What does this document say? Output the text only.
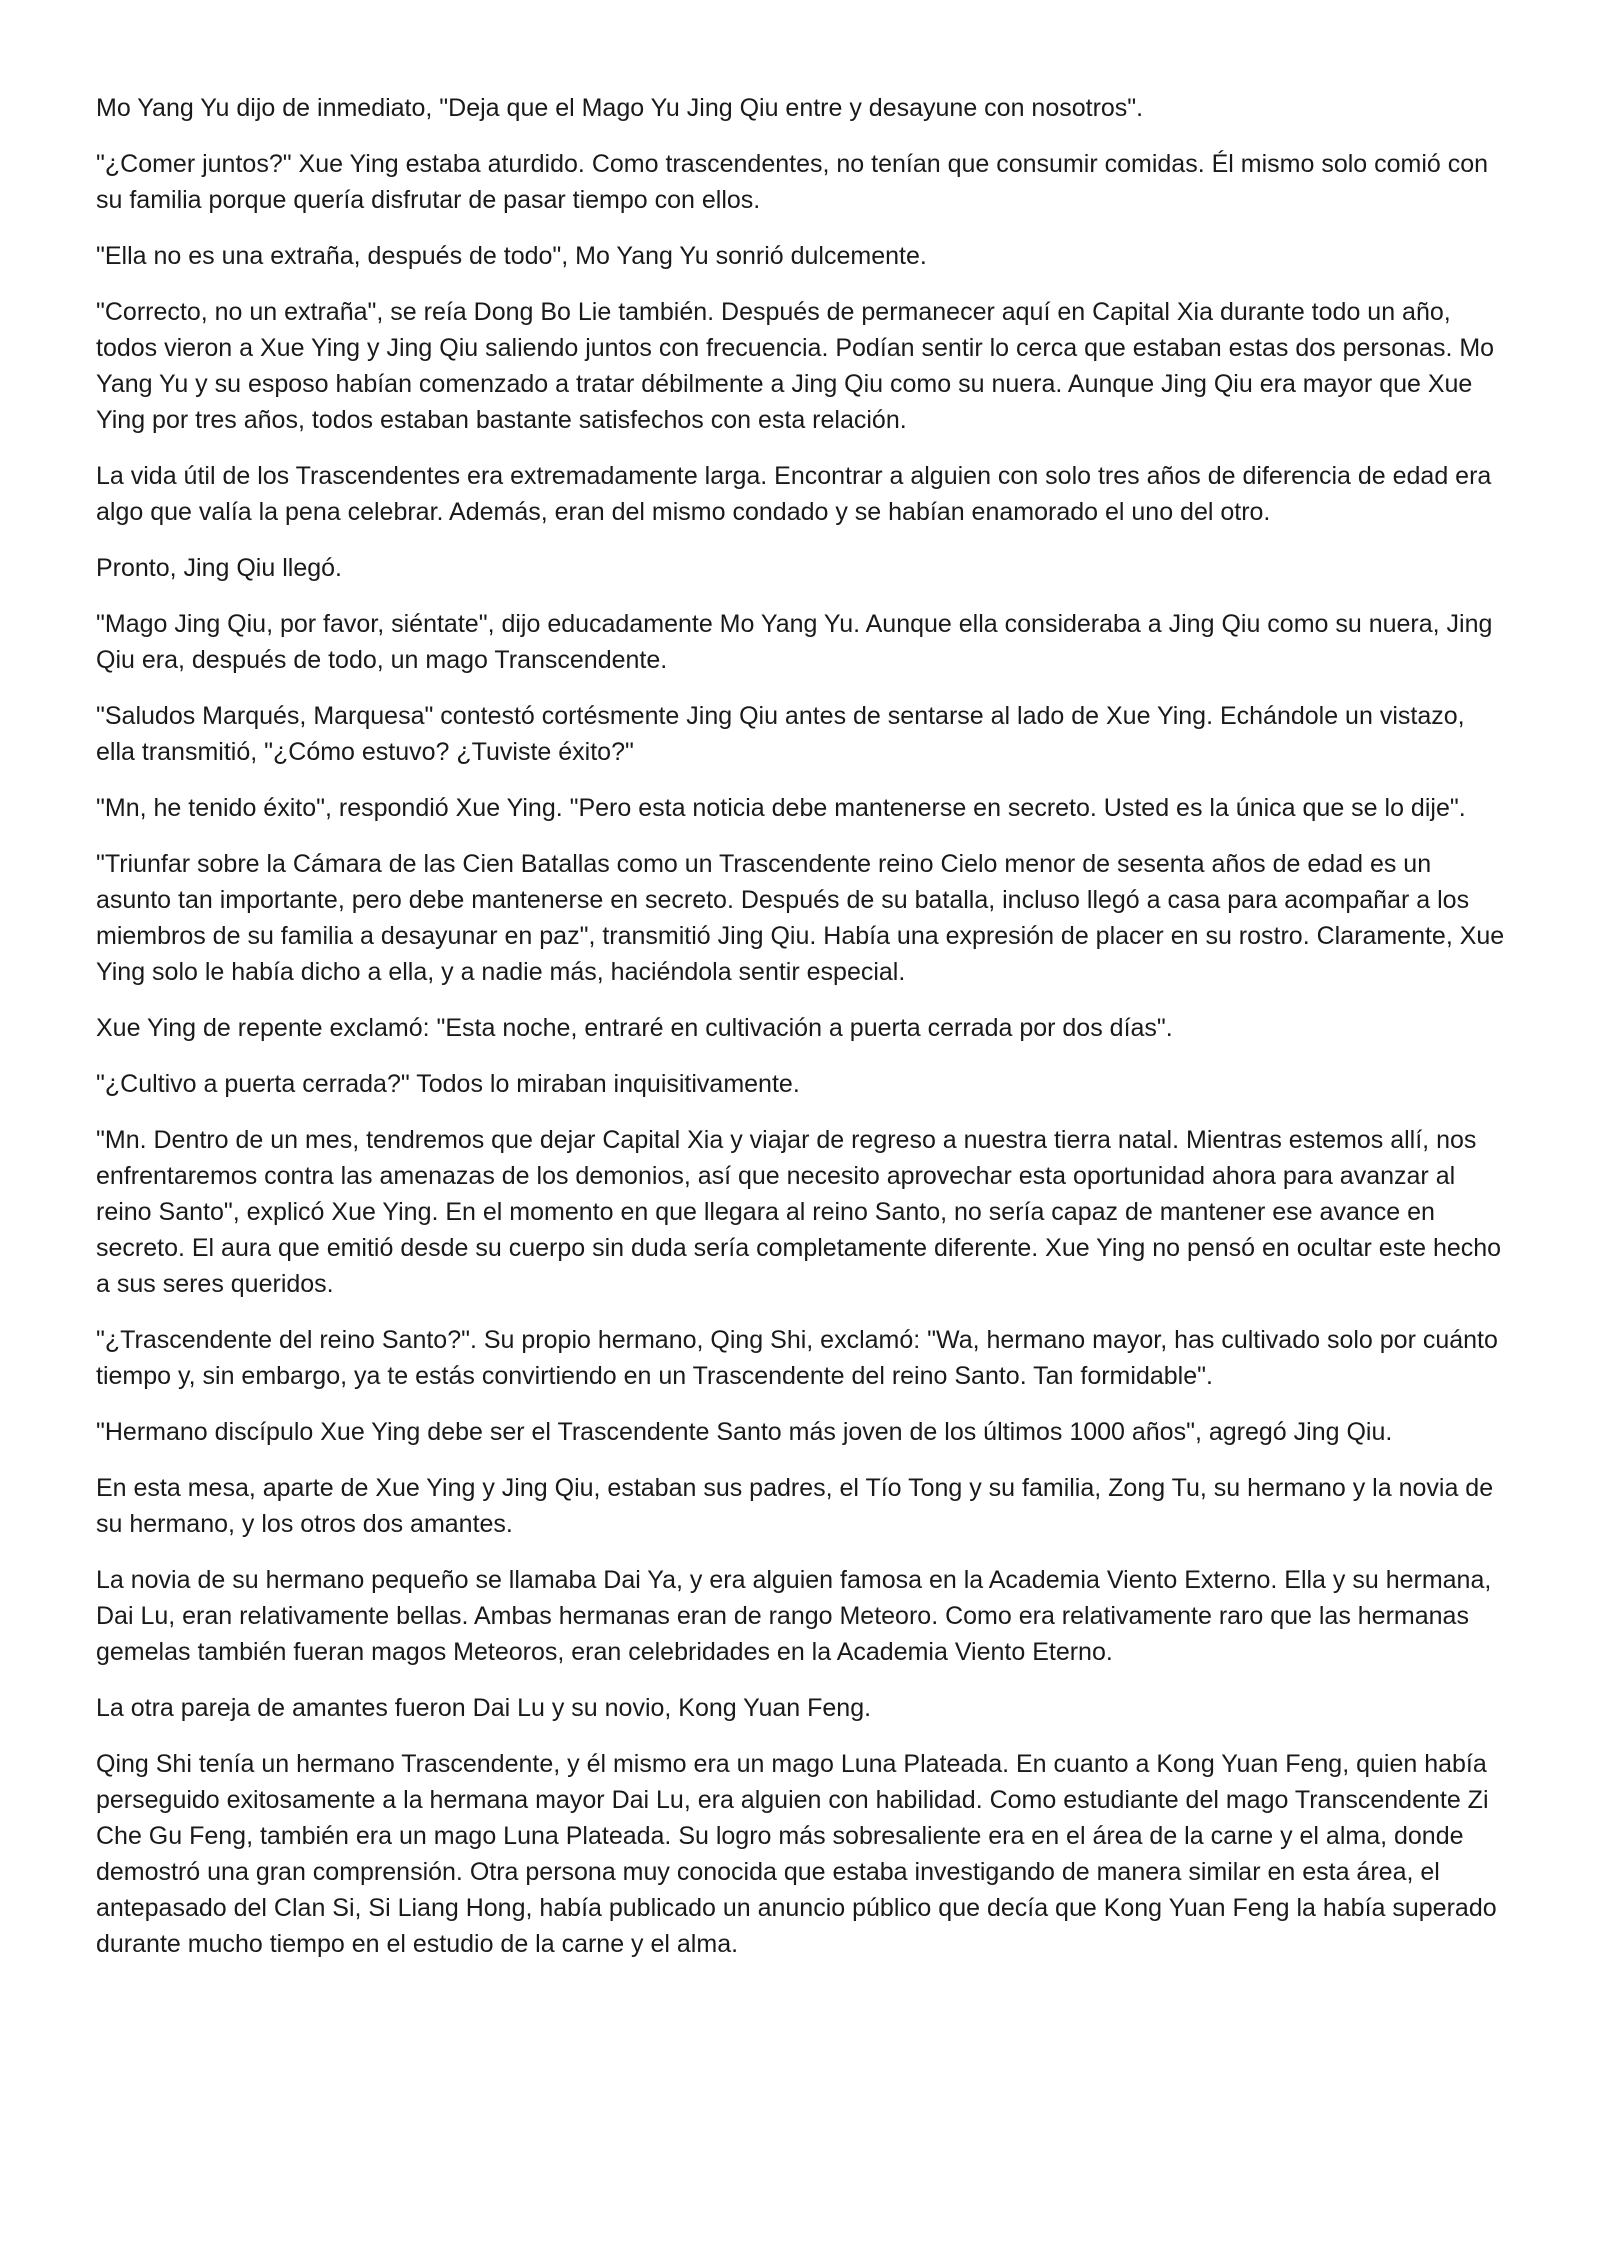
Mo Yang Yu dijo de inmediato, "Deja que el Mago Yu Jing Qiu entre y desayune con nosotros".

"¿Comer juntos?" Xue Ying estaba aturdido. Como trascendentes, no tenían que consumir comidas. Él mismo solo comió con su familia porque quería disfrutar de pasar tiempo con ellos.

"Ella no es una extraña, después de todo", Mo Yang Yu sonrió dulcemente.

"Correcto, no un extraña", se reía Dong Bo Lie también. Después de permanecer aquí en Capital Xia durante todo un año, todos vieron a Xue Ying y Jing Qiu saliendo juntos con frecuencia. Podían sentir lo cerca que estaban estas dos personas. Mo Yang Yu y su esposo habían comenzado a tratar débilmente a Jing Qiu como su nuera. Aunque Jing Qiu era mayor que Xue Ying por tres años, todos estaban bastante satisfechos con esta relación.

La vida útil de los Trascendentes era extremadamente larga. Encontrar a alguien con solo tres años de diferencia de edad era algo que valía la pena celebrar. Además, eran del mismo condado y se habían enamorado el uno del otro.

Pronto, Jing Qiu llegó.

"Mago Jing Qiu, por favor, siéntate", dijo educadamente Mo Yang Yu. Aunque ella consideraba a Jing Qiu como su nuera, Jing Qiu era, después de todo, un mago Transcendente.

"Saludos Marqués, Marquesa" contestó cortésmente Jing Qiu antes de sentarse al lado de Xue Ying. Echándole un vistazo, ella transmitió, "¿Cómo estuvo? ¿Tuviste éxito?"

"Mn, he tenido éxito", respondió Xue Ying. "Pero esta noticia debe mantenerse en secreto. Usted es la única que se lo dije".

"Triunfar sobre la Cámara de las Cien Batallas como un Trascendente reino Cielo menor de sesenta años de edad es un asunto tan importante, pero debe mantenerse en secreto. Después de su batalla, incluso llegó a casa para acompañar a los miembros de su familia a desayunar en paz", transmitió Jing Qiu. Había una expresión de placer en su rostro. Claramente, Xue Ying solo le había dicho a ella, y a nadie más, haciéndola sentir especial.

Xue Ying de repente exclamó: "Esta noche, entraré en cultivación a puerta cerrada por dos días".

"¿Cultivo a puerta cerrada?" Todos lo miraban inquisitivamente.

"Mn. Dentro de un mes, tendremos que dejar Capital Xia y viajar de regreso a nuestra tierra natal. Mientras estemos allí, nos enfrentaremos contra las amenazas de los demonios, así que necesito aprovechar esta oportunidad ahora para avanzar al reino Santo", explicó Xue Ying. En el momento en que llegara al reino Santo, no sería capaz de mantener ese avance en secreto. El aura que emitió desde su cuerpo sin duda sería completamente diferente. Xue Ying no pensó en ocultar este hecho a sus seres queridos.

"¿Trascendente del reino Santo?". Su propio hermano, Qing Shi, exclamó: "Wa, hermano mayor, has cultivado solo por cuánto tiempo y, sin embargo, ya te estás convirtiendo en un Trascendente del reino Santo. Tan formidable".

"Hermano discípulo Xue Ying debe ser el Trascendente Santo más joven de los últimos 1000 años", agregó Jing Qiu.

En esta mesa, aparte de Xue Ying y Jing Qiu, estaban sus padres, el Tío Tong y su familia, Zong Tu, su hermano y la novia de su hermano, y los otros dos amantes.

La novia de su hermano pequeño se llamaba Dai Ya, y era alguien famosa en la Academia Viento Externo. Ella y su hermana, Dai Lu, eran relativamente bellas. Ambas hermanas eran de rango Meteoro. Como era relativamente raro que las hermanas gemelas también fueran magos Meteoros, eran celebridades en la Academia Viento Eterno.

La otra pareja de amantes fueron Dai Lu y su novio, Kong Yuan Feng.

Qing Shi tenía un hermano Trascendente, y él mismo era un mago Luna Plateada. En cuanto a Kong Yuan Feng, quien había perseguido exitosamente a la hermana mayor Dai Lu, era alguien con habilidad. Como estudiante del mago Transcendente Zi Che Gu Feng, también era un mago Luna Plateada. Su logro más sobresaliente era en el área de la carne y el alma, donde demostró una gran comprensión. Otra persona muy conocida que estaba investigando de manera similar en esta área, el antepasado del Clan Si, Si Liang Hong, había publicado un anuncio público que decía que Kong Yuan Feng la había superado durante mucho tiempo en el estudio de la carne y el alma.
